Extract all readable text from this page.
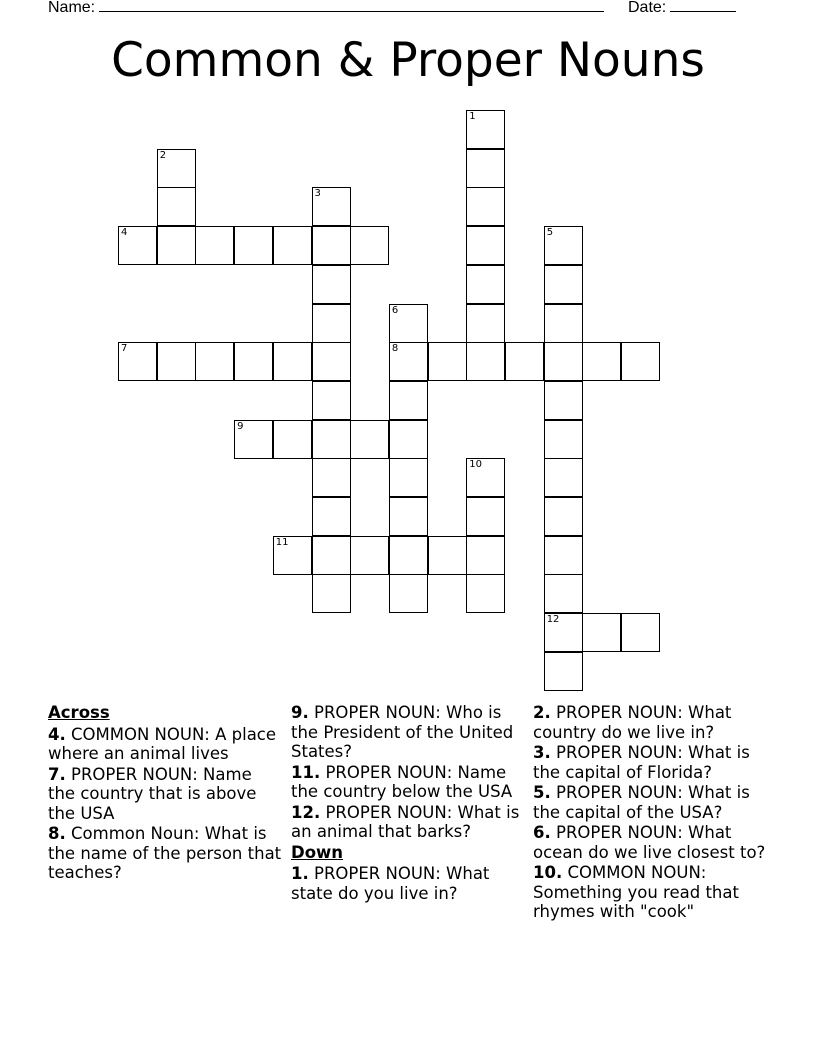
Name:	Date:
Common & Proper Nouns
1
2
3
4	5
12
6
8
7
9
10
11
Across
4. COMMON NOUN: A place where an animal lives
7. PROPER NOUN: Name the country that is above the USA
8. Common Noun: What is the name of the person that teaches?
9. PROPER NOUN: Who is the President of the United States?
11. PROPER NOUN: Name the country below the USA
12. PROPER NOUN: What is an animal that barks?
Down
1. PROPER NOUN: What state do you live in?
2. PROPER NOUN: What country do we live in?
3. PROPER NOUN: What is the capital of Florida?
5. PROPER NOUN: What is the capital of the USA?
6. PROPER NOUN: What ocean do we live closest to?
10. COMMON NOUN: Something you read that rhymes with "cook"
